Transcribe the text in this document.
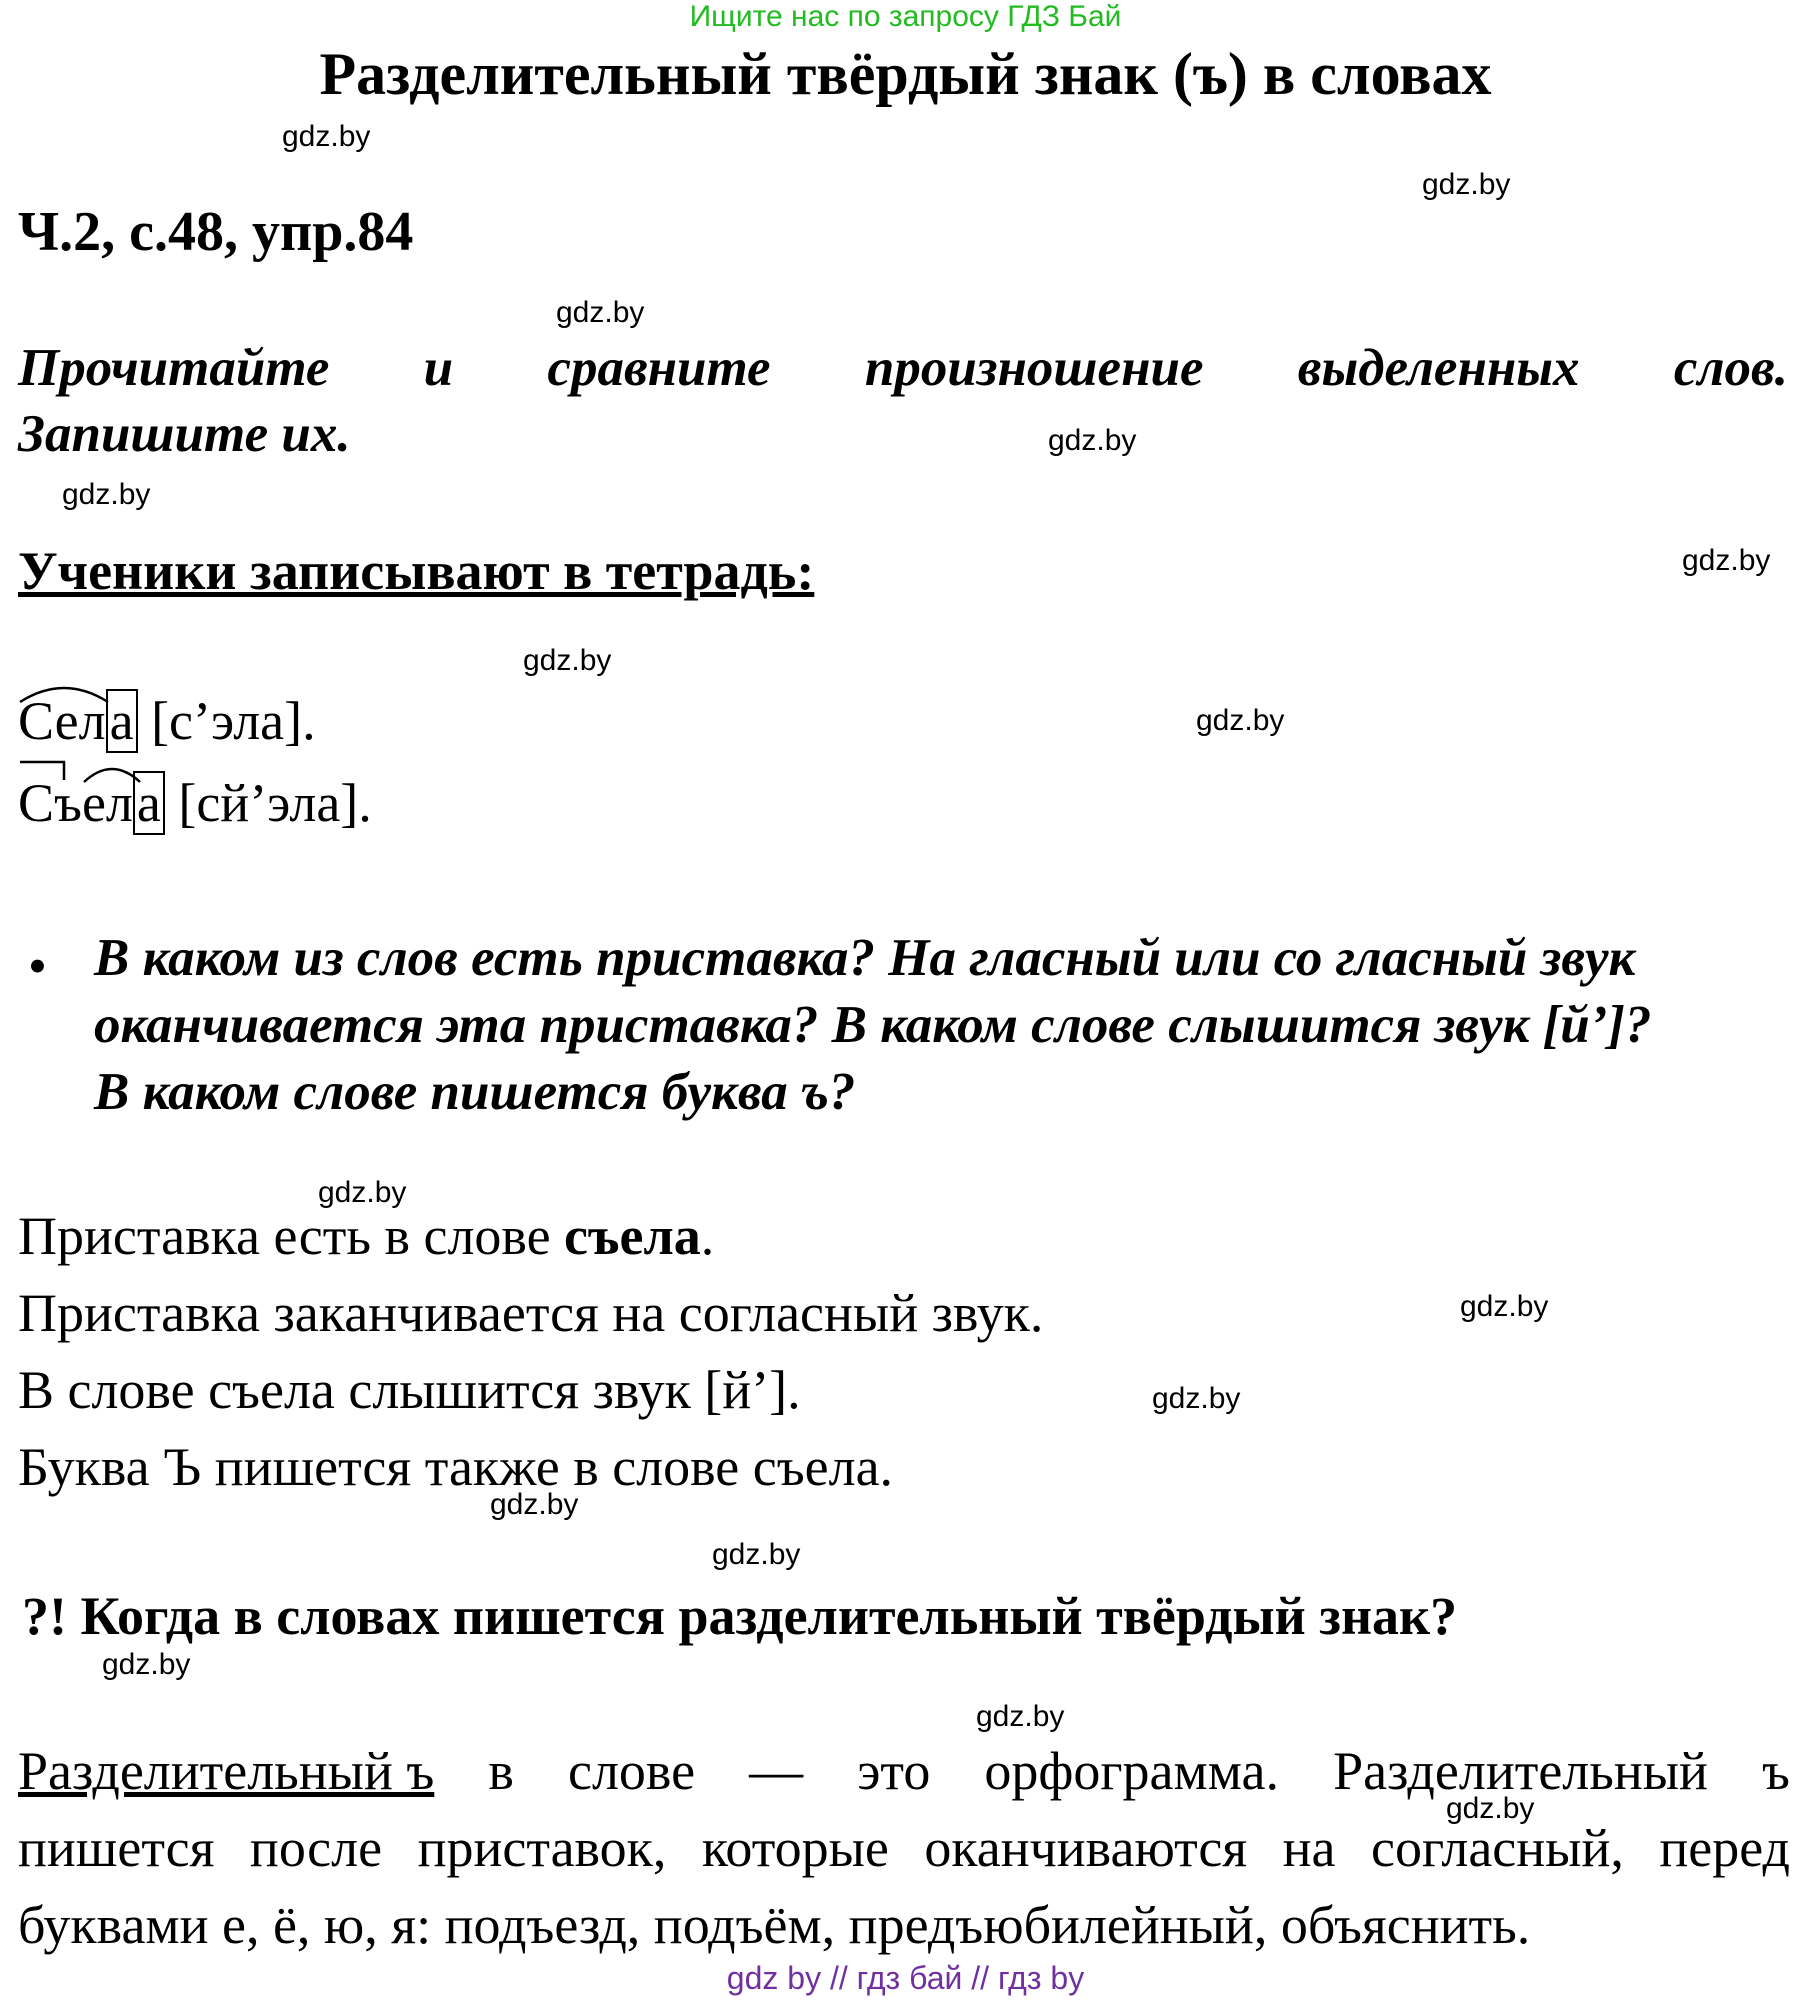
Ищите нас по запросу ГДЗ Бай
Разделительный твёрдый знак (ъ) в словах
Ч.2, с.48, упр.84
Прочитайте и сравните произношение выделенных слов.
Запишите их.
Ученики записывают в тетрадь:
Села [с’эла].
Съ
ела [сй’эла].
• В каком из слов есть приставка? На гласный или со гласный звук
оканчивается эта приставка? В каком слове слышится звук [й’]?
В каком слове пишется буква ъ?
Приставка есть в слове съела.
Приставка заканчивается на согласный звук.
В слове съела слышится звук [й’].
Буква Ъ пишется также в слове съела.
?! Когда в словах пишется разделительный твёрдый знак?
Разделительный ъ в слове — это орфограмма. Разделительный ъ
пишется после приставок, которые оканчиваются на согласный, перед
буквами е, ё, ю, я: подъезд, подъём, предъюбилейный, объяснить.
gdz.by
gdz.by
gdz.by
gdz.by
gdz.by
gdz.by
gdz.by
gdz.by
gdz.by
gdz.by
gdz.by
gdz.by
gdz.by
gdz.by
gdz.by
gdz.by
gdz by // гдз бай // гдз by
